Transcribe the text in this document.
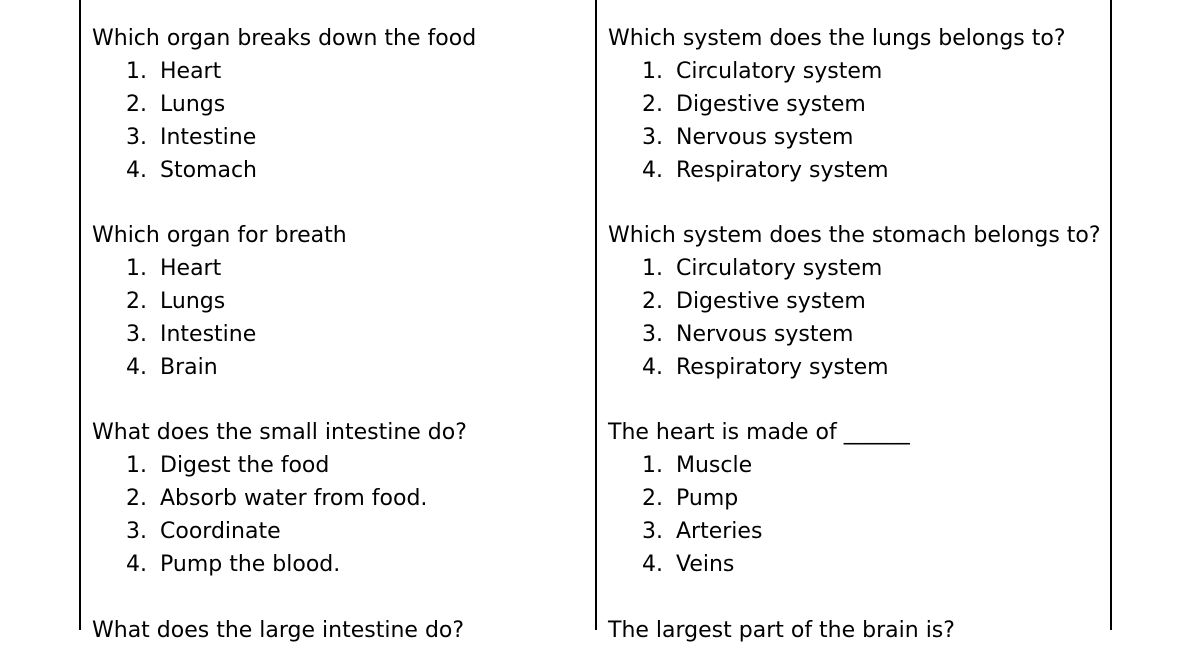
Which organ breaks down the food

1. Heart
2. Lungs
3. Intestine
4. Stomach

Which organ for breath

1. Heart
2. Lungs
3. Intestine
4. Brain

What does the small intestine do?

1. Digest the food
2. Absorb water from food.
3. Coordinate
4. Pump the blood.

Which system does the lungs belongs to?

1. Circulatory system
2. Digestive system
3. Nervous system
4. Respiratory system

Which system does the stomach belongs to?

1. Circulatory system
2. Digestive system
3. Nervous system
4. Respiratory system

The heart is made of ______

1. Muscle
2. Pump
3. Arteries
4. Veins
What does the large intestine do?	The largest part of the brain is?
